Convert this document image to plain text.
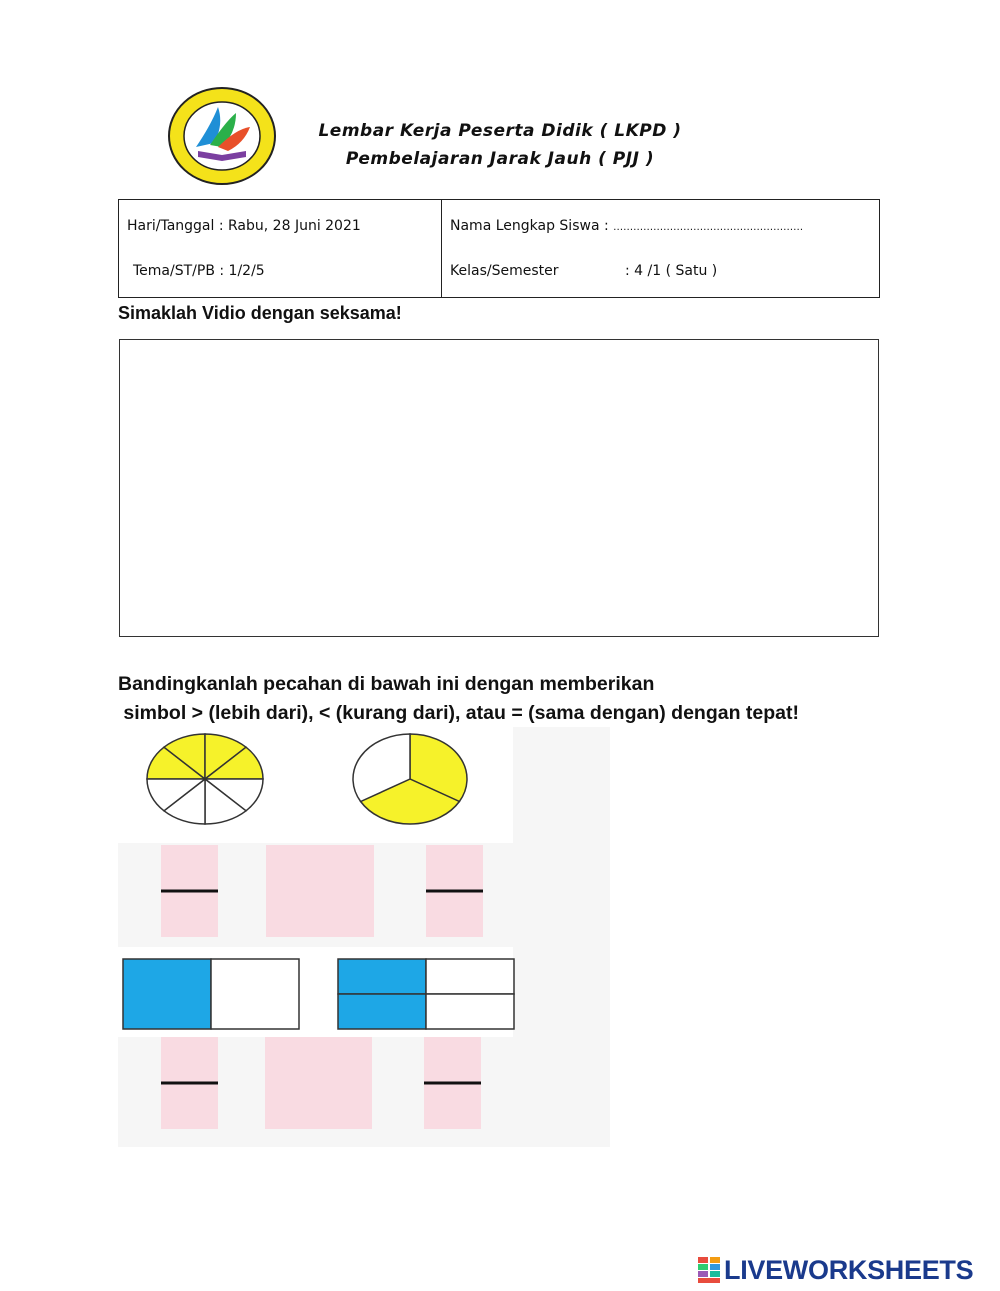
Lembar Kerja Peserta Didik ( LKPD )
Pembelajaran Jarak Jauh ( PJJ )
Hari/Tanggal : Rabu, 28 Juni 2021
Tema/ST/PB : 1/2/5
Nama Lengkap Siswa : …………………………………………………
Kelas/Semester	: 4 /1 ( Satu )
Simaklah Vidio dengan seksama!
Bandingkanlah pecahan di bawah ini dengan memberikan
simbol > (lebih dari), < (kurang dari), atau = (sama dengan) dengan tepat!
LIVEWORKSHEETS
